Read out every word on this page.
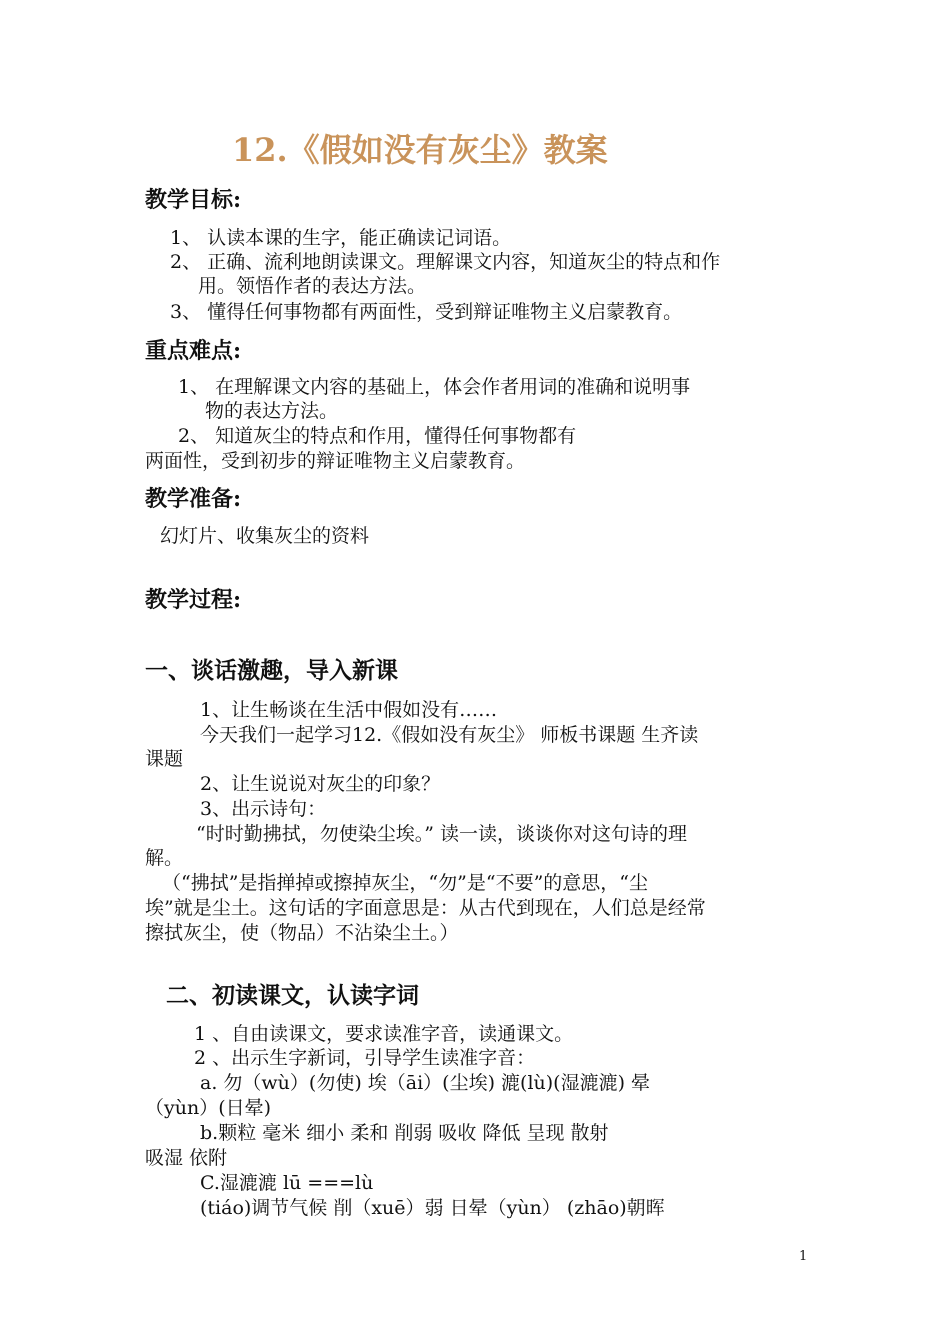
12.《假如没有灰尘》教案
教学目标:
1、 认读本课的生字，能正确读记词语。
2、 正确、流利地朗读课文。理解课文内容，知道灰尘的特点和作
用。领悟作者的表达方法。
3、 懂得任何事物都有两面性，受到辩证唯物主义启蒙教育。
重点难点:
1、 在理解课文内容的基础上，体会作者用词的准确和说明事
物的表达方法。
2、 知道灰尘的特点和作用，懂得任何事物都有
两面性，受到初步的辩证唯物主义启蒙教育。
教学准备:
幻灯片、收集灰尘的资料
教学过程:
一、谈话激趣，导入新课
1、让生畅谈在生活中假如没有……
今天我们一起学习12.《假如没有灰尘》 师板书课题 生齐读
课题
2、让生说说对灰尘的印象？
3、出示诗句：
“时时勤拂拭，勿使染尘埃。” 读一读，谈谈你对这句诗的理
解。
（“拂拭”是指掸掉或擦掉灰尘，“勿”是“不要”的意思，“尘
埃”就是尘土。这句话的字面意思是：从古代到现在，人们总是经常
擦拭灰尘，使（物品）不沾染尘土。）
二、初读课文，认读字词
1 、自由读课文，要求读准字音，读通课文。
2 、出示生字新词，引导学生读准字音：
a. 勿（wù）(勿使) 埃（āi）(尘埃) 漉(lù)(湿漉漉) 晕
（yùn）(日晕)
b.颗粒 毫米 细小 柔和 削弱 吸收 降低 呈现 散射
吸湿 依附
C.湿漉漉 lū ===lù
(tiáo)调节气候 削（xuē）弱 日晕（yùn） (zhāo)朝晖
1
